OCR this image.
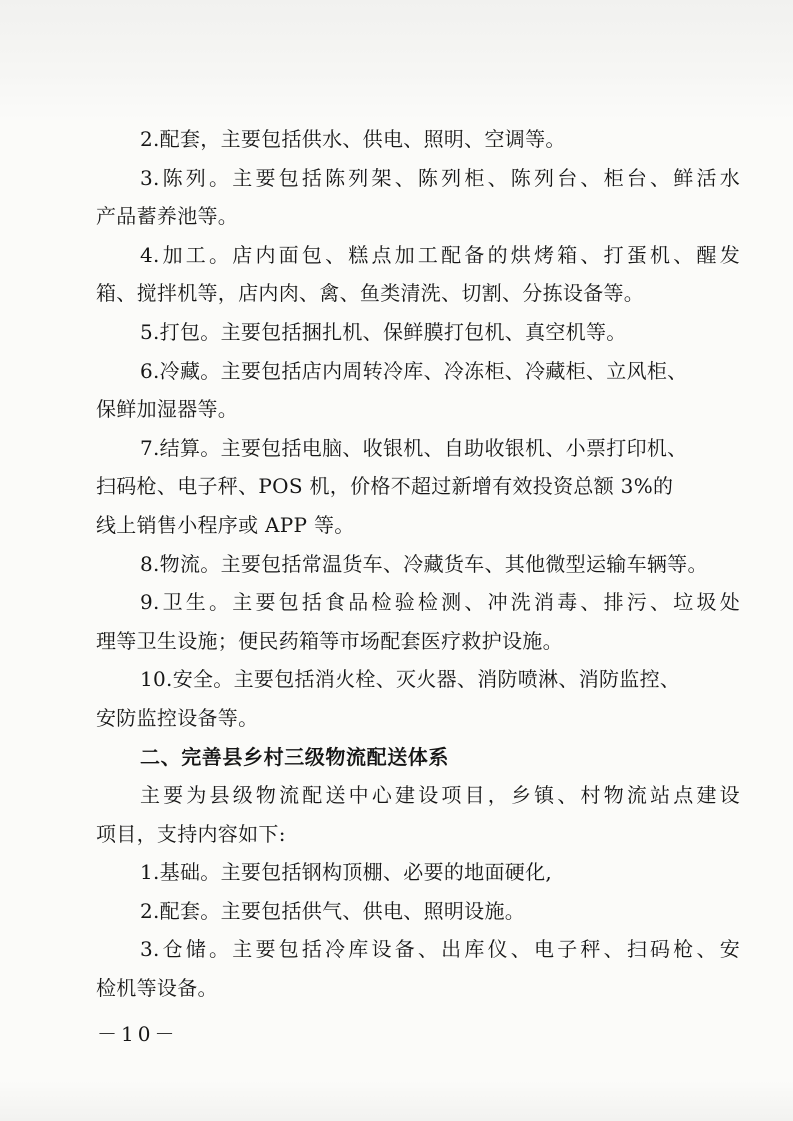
2.配套，主要包括供水、供电、照明、空调等。
3.陈列。主要包括陈列架、陈列柜、陈列台、柜台、鲜活水
产品蓄养池等。
4.加工。店内面包、糕点加工配备的烘烤箱、打蛋机、醒发
箱、搅拌机等，店内肉、禽、鱼类清洗、切割、分拣设备等。
5.打包。主要包括捆扎机、保鲜膜打包机、真空机等。
6.冷藏。主要包括店内周转冷库、冷冻柜、冷藏柜、立风柜、
保鲜加湿器等。
7.结算。主要包括电脑、收银机、自助收银机、小票打印机、
扫码枪、电子秤、POS 机，价格不超过新增有效投资总额 3%的
线上销售小程序或 APP 等。
8.物流。主要包括常温货车、冷藏货车、其他微型运输车辆等。
9.卫生。主要包括食品检验检测、冲洗消毒、排污、垃圾处
理等卫生设施；便民药箱等市场配套医疗救护设施。
10.安全。主要包括消火栓、灭火器、消防喷淋、消防监控、
安防监控设备等。
二、完善县乡村三级物流配送体系
主要为县级物流配送中心建设项目，乡镇、村物流站点建设
项目，支持内容如下:
1.基础。主要包括钢构顶棚、必要的地面硬化,
2.配套。主要包括供气、供电、照明设施。
3.仓储。主要包括冷库设备、出库仪、电子秤、扫码枪、安
检机等设备。
－10－
